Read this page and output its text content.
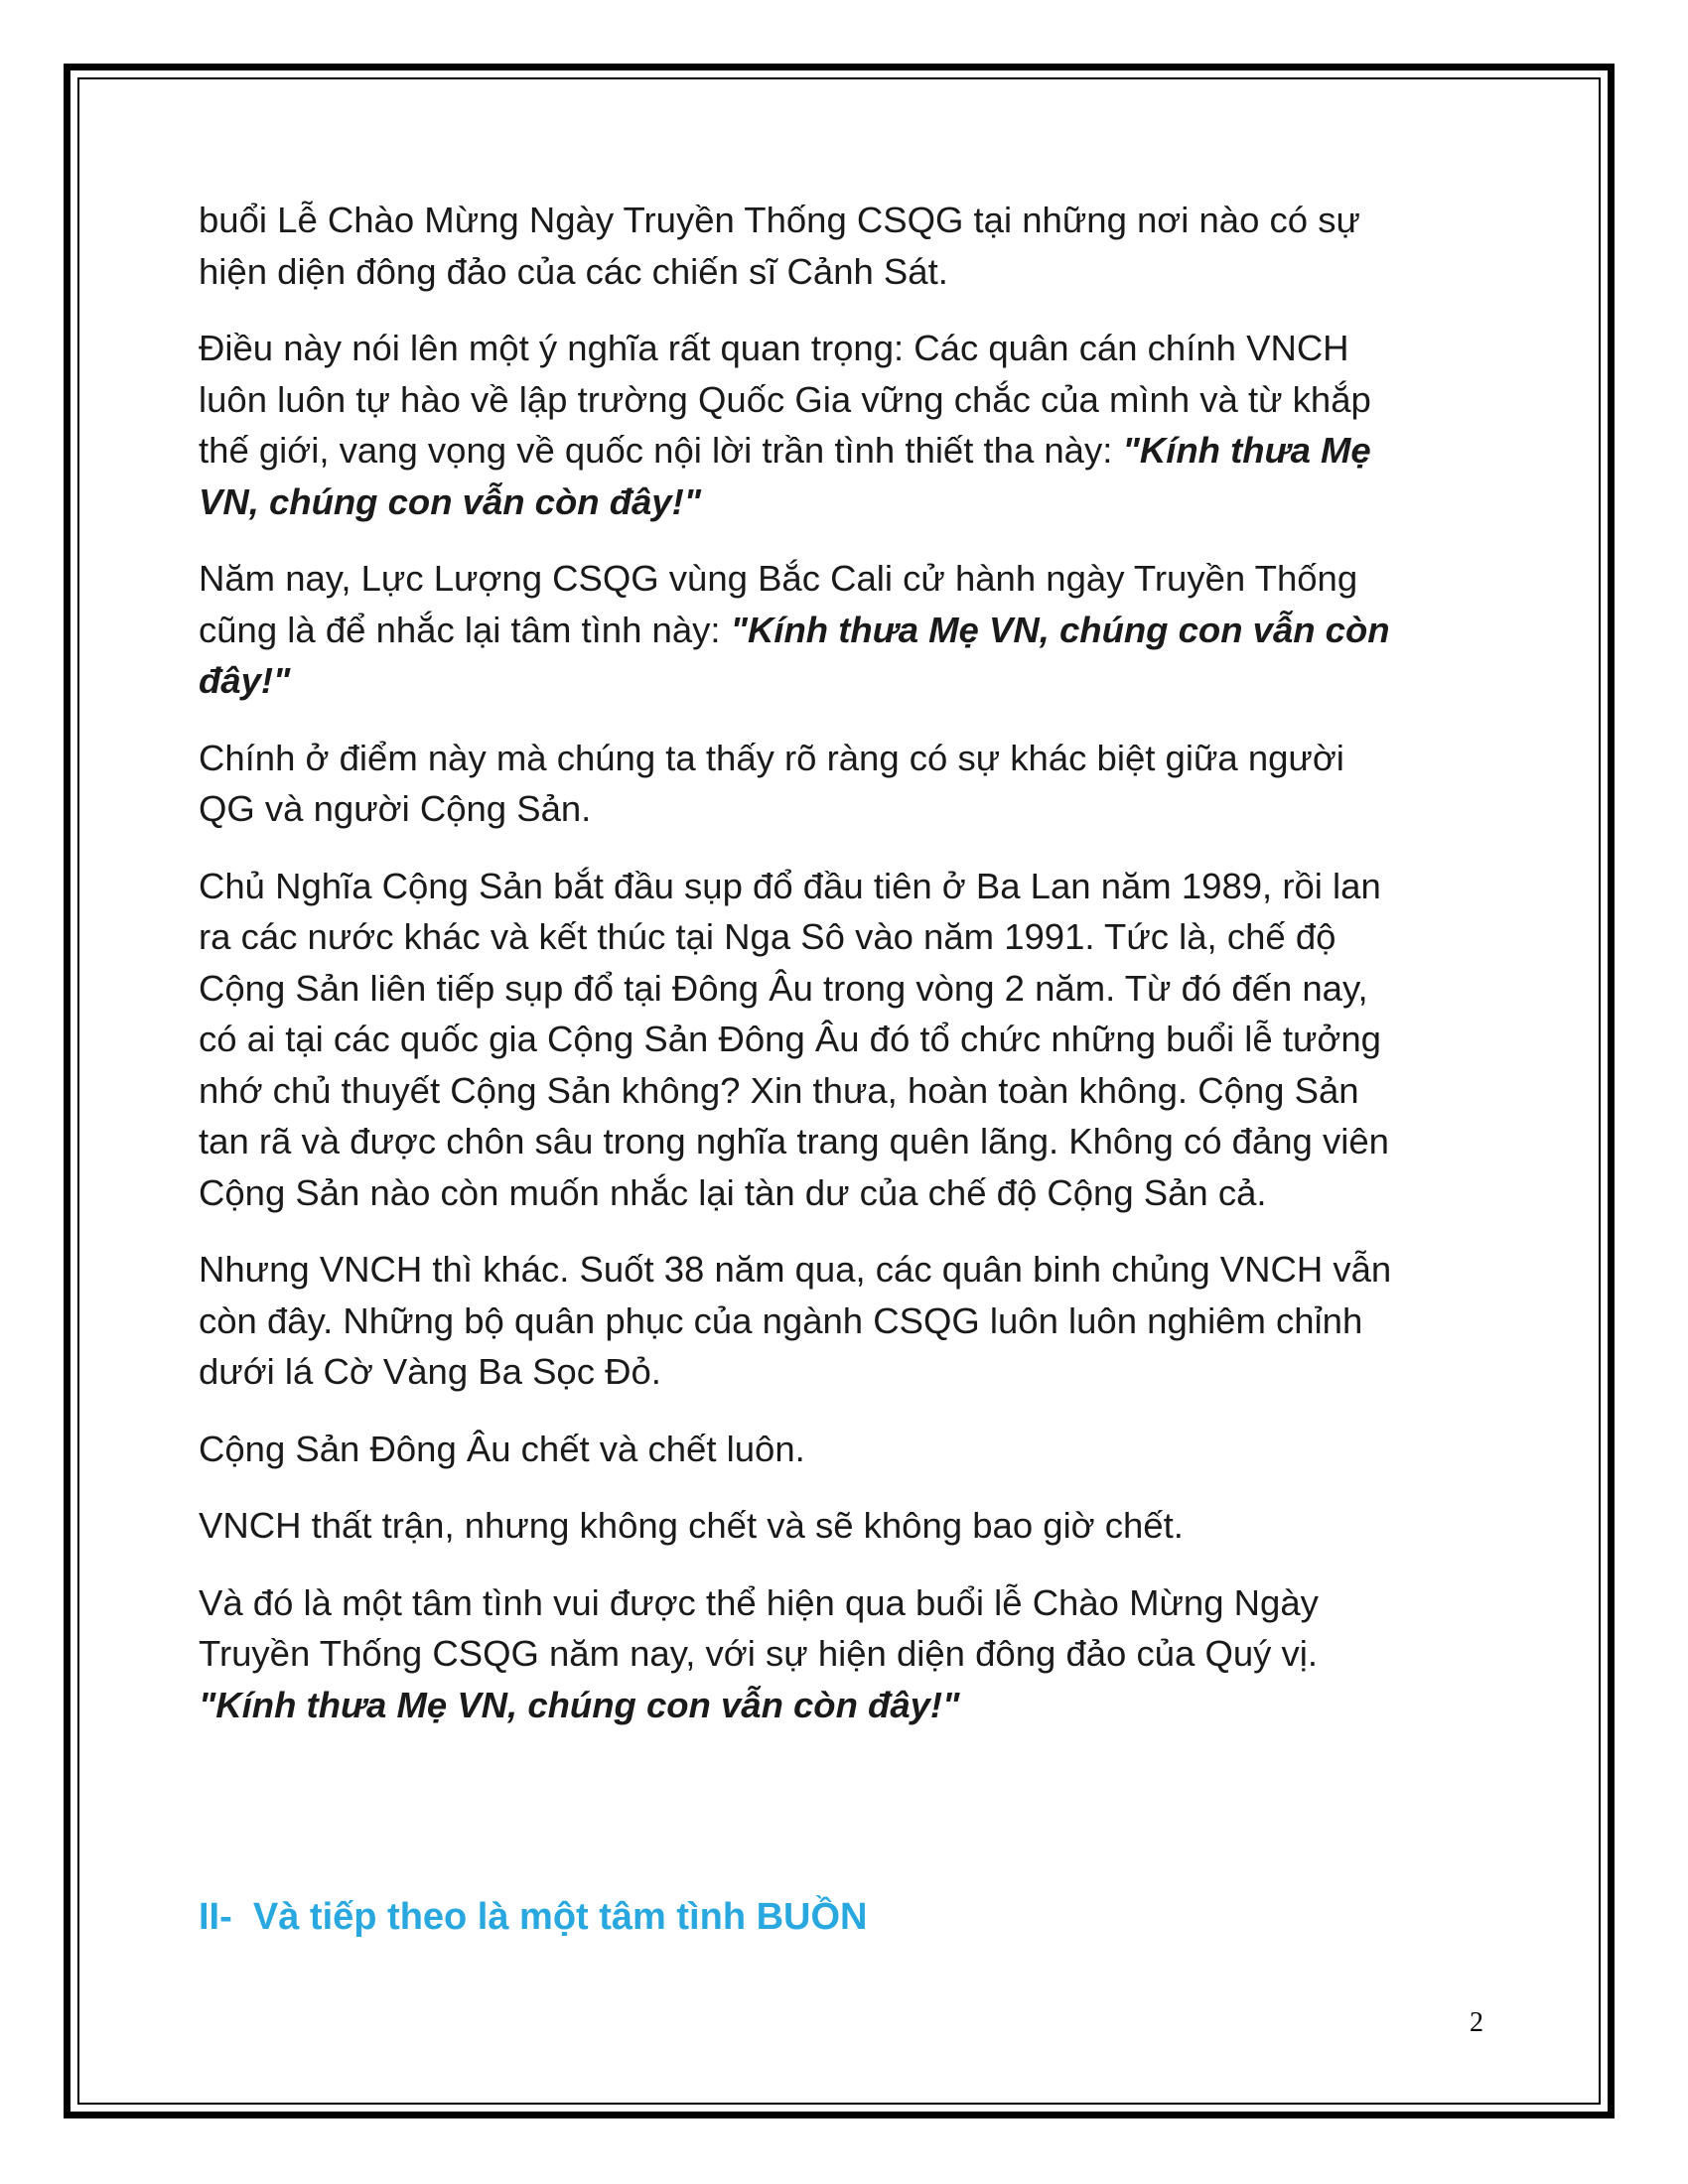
buổi Lễ Chào Mừng Ngày Truyền Thống CSQG tại những nơi nào có sự hiện diện đông đảo của các chiến sĩ Cảnh Sát.

Điều này nói lên một ý nghĩa rất quan trọng: Các quân cán chính VNCH luôn luôn tự hào về lập trường Quốc Gia vững chắc của mình và từ khắp thế giới, vang vọng về quốc nội lời trần tình thiết tha này: "Kính thưa Mẹ VN, chúng con vẫn còn đây!"

Năm nay, Lực Lượng CSQG vùng Bắc Cali cử hành ngày Truyền Thống cũng là để nhắc lại tâm tình này: "Kính thưa Mẹ VN, chúng con vẫn còn đây!"

Chính ở điểm này mà chúng ta thấy rõ ràng có sự khác biệt giữa người QG và người Cộng Sản.

Chủ Nghĩa Cộng Sản bắt đầu sụp đổ đầu tiên ở Ba Lan năm 1989, rồi lan ra các nước khác và kết thúc tại Nga Sô vào năm 1991. Tức là, chế độ Cộng Sản liên tiếp sụp đổ tại Đông Âu trong vòng 2 năm. Từ đó đến nay, có ai tại các quốc gia Cộng Sản Đông Âu đó tổ chức những buổi lễ tưởng nhớ chủ thuyết Cộng Sản không? Xin thưa, hoàn toàn không. Cộng Sản tan rã và được chôn sâu trong nghĩa trang quên lãng. Không có đảng viên Cộng Sản nào còn muốn nhắc lại tàn dư của chế độ Cộng Sản cả.

Nhưng VNCH thì khác. Suốt 38 năm qua, các quân binh chủng VNCH vẫn còn đây. Những bộ quân phục của ngành CSQG luôn luôn nghiêm chỉnh dưới lá Cờ Vàng Ba Sọc Đỏ.

Cộng Sản Đông Âu chết và chết luôn.

VNCH thất trận, nhưng không chết và sẽ không bao giờ chết.

Và đó là một tâm tình vui được thể hiện qua buổi lễ Chào Mừng Ngày Truyền Thống CSQG năm nay, với sự hiện diện đông đảo của Quý vị. "Kính thưa Mẹ VN, chúng con vẫn còn đây!"

II-  Và tiếp theo là một tâm tình BUỒN
2
